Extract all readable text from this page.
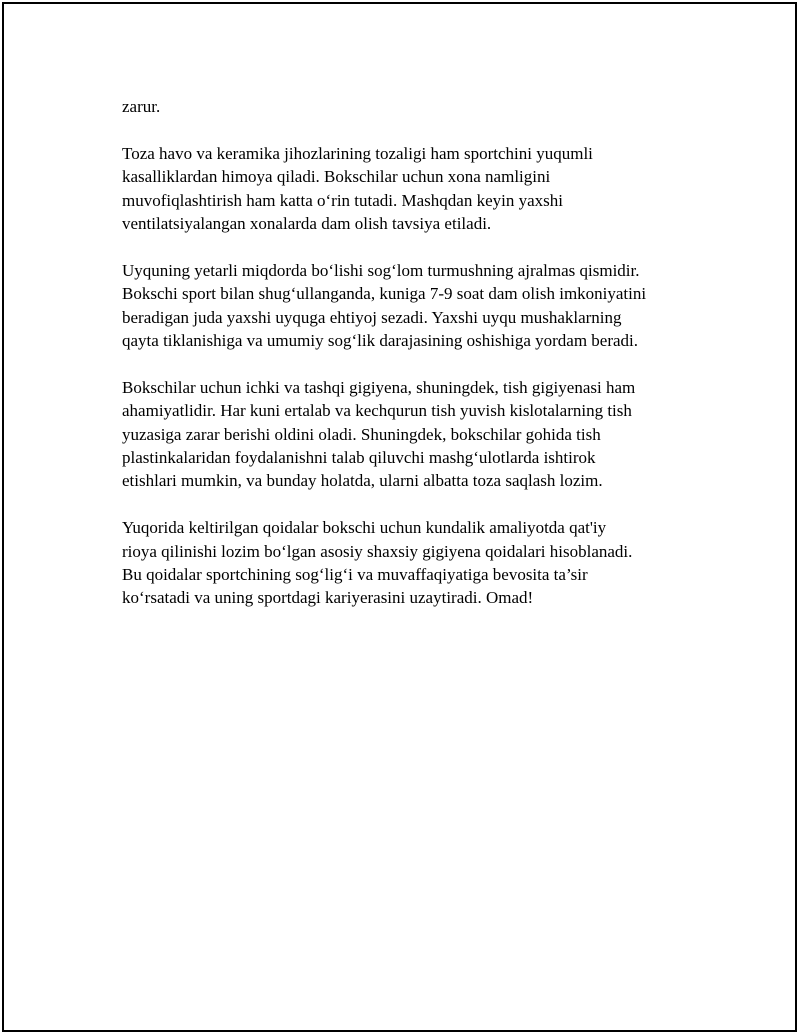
zarur.

Toza havo va keramika jihozlarining tozaligi ham sportchini yuqumli
kasalliklardan himoya qiladi. Bokschilar uchun xona namligini
muvofiqlashtirish ham katta o‘rin tutadi. Mashqdan keyin yaxshi
ventilatsiyalangan xonalarda dam olish tavsiya etiladi.

Uyquning yetarli miqdorda bo‘lishi sog‘lom turmushning ajralmas qismidir.
Bokschi sport bilan shug‘ullanganda, kuniga 7-9 soat dam olish imkoniyatini
beradigan juda yaxshi uyquga ehtiyoj sezadi. Yaxshi uyqu mushaklarning
qayta tiklanishiga va umumiy sog‘lik darajasining oshishiga yordam beradi.

Bokschilar uchun ichki va tashqi gigiyena, shuningdek, tish gigiyenasi ham
ahamiyatlidir. Har kuni ertalab va kechqurun tish yuvish kislotalarning tish
yuzasiga zarar berishi oldini oladi. Shuningdek, bokschilar gohida tish
plastinkalaridan foydalanishni talab qiluvchi mashg‘ulotlarda ishtirok
etishlari mumkin, va bunday holatda, ularni albatta toza saqlash lozim.

Yuqorida keltirilgan qoidalar bokschi uchun kundalik amaliyotda qat'iy
rioya qilinishi lozim bo‘lgan asosiy shaxsiy gigiyena qoidalari hisoblanadi.
Bu qoidalar sportchining sog‘lig‘i va muvaffaqiyatiga bevosita ta’sir
ko‘rsatadi va uning sportdagi kariyerasini uzaytiradi. Omad!
